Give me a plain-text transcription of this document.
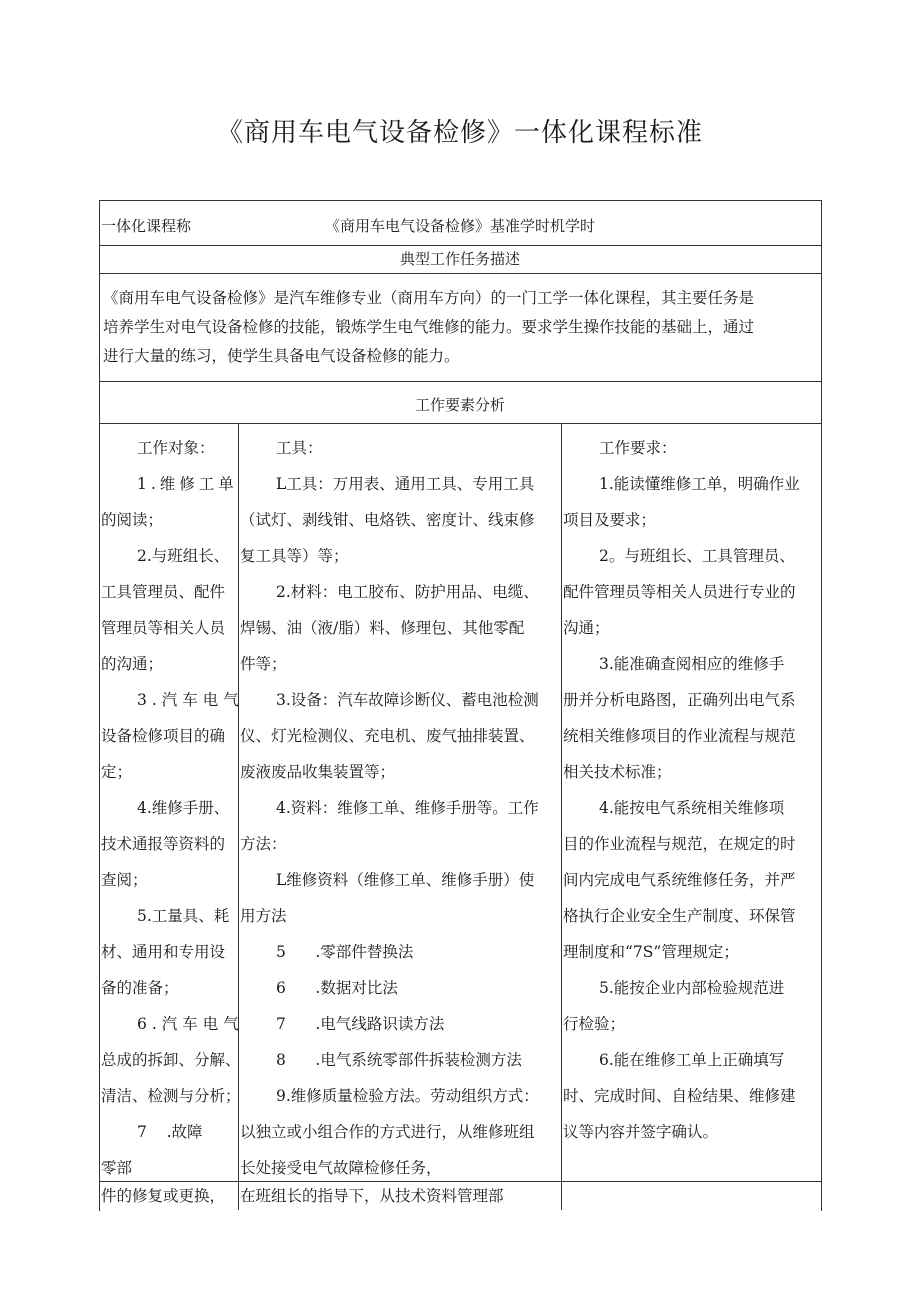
《商用车电气设备检修》一体化课程标准
一体化课程称	《商用车电气设备检修》基准学时机学时
典型工作任务描述
《商用车电气设备检修》是汽车维修专业（商用车方向）的一门工学一体化课程，其主要任务是
培养学生对电气设备检修的技能，锻炼学生电气维修的能力。要求学生操作技能的基础上，通过
进行大量的练习，使学生具备电气设备检修的能力。
工作要素分析
工作对象：
1.维修工单
的阅读；
2.与班组长、
工具管理员、配件
管理员等相关人员
的沟通；
3.汽车电气
设备检修项目的确
定；
4.维修手册、
技术通报等资料的
查阅；
5.工量具、耗
材、通用和专用设
备的准备；
6.汽车电气
总成的拆卸、分解、
清洁、检测与分析；
7    .故障
零部
工具：
L工具：万用表、通用工具、专用工具
（试灯、剥线钳、电烙铁、密度计、线束修
复工具等）等；
2.材料：电工胶布、防护用品、电缆、
焊锡、油（液/脂）料、修理包、其他零配
件等；
3.设备：汽车故障诊断仪、蓄电池检测
仪、灯光检测仪、充电机、废气抽排装置、
废液废品收集装置等；
4.资料：维修工单、维修手册等。工作
方法：
L维修资料（维修工单、维修手册）使
用方法
5      .零部件替换法
6      .数据对比法
7      .电气线路识读方法
8      .电气系统零部件拆装检测方法
9.维修质量检验方法。劳动组织方式：
以独立或小组合作的方式进行，从维修班组
长处接受电气故障检修任务，
工作要求：
1.能读懂维修工单，明确作业
项目及要求；
2。与班组长、工具管理员、
配件管理员等相关人员进行专业的
沟通；
3.能准确查阅相应的维修手
册并分析电路图，正确列出电气系
统相关维修项目的作业流程与规范
相关技术标准；
4.能按电气系统相关维修项
目的作业流程与规范，在规定的时
间内完成电气系统维修任务，并严
格执行企业安全生产制度、环保管
理制度和“7S”管理规定；
5.能按企业内部检验规范进
行检验；
6.能在维修工单上正确填写
时、完成时间、自检结果、维修建
议等内容并签字确认。
件的修复或更换， 在班组长的指导下，从技术资料管理部
